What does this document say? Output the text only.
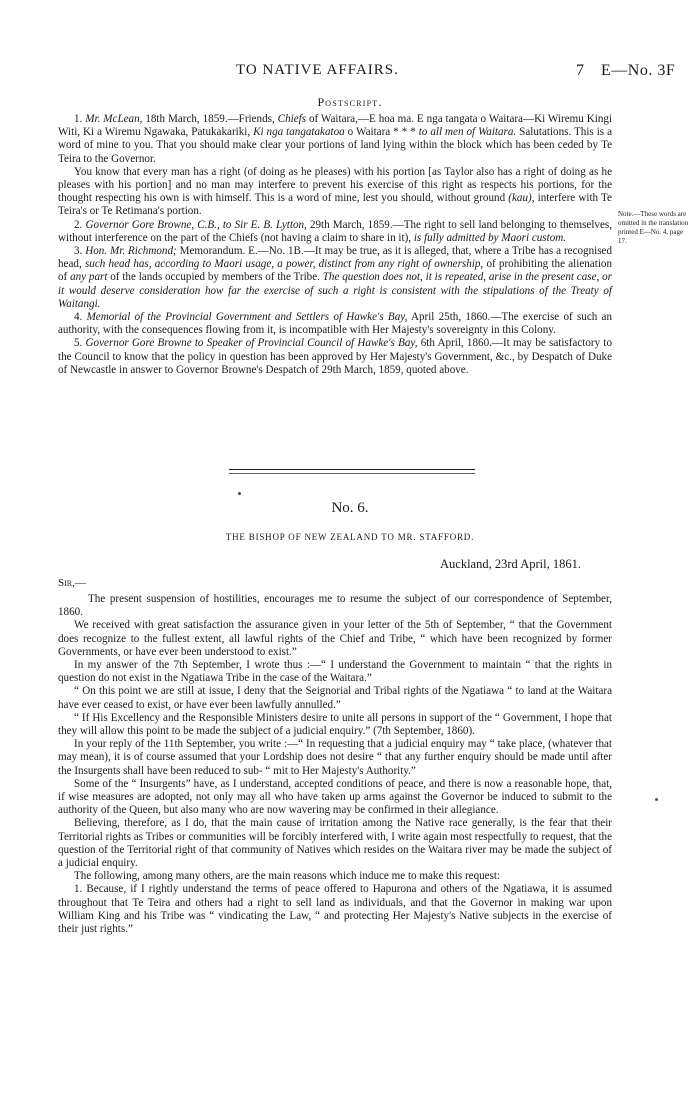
TO NATIVE AFFAIRS.	7 E—No. 3F
Postscript.

1. Mr. McLean, 18th March, 1859.—Friends, Chiefs of Waitara,—E hoa ma. E nga tangata o Waitara—Ki Wiremu Kingi Witi, Ki a Wiremu Ngawaka, Patukakariki, Ki nga tangatakatoa o Waitara * * * to all men of Waitara. Salutations. This is a word of mine to you. That you should make clear your portions of land lying within the block which has been ceded by Te Teira to the Governor.

You know that every man has a right (of doing as he pleases) with his portion [as Taylor also has a right of doing as he pleases with his portion] and no man may interfere to prevent his exercise of this right as respects his portions, for the thought respecting his own is with himself. This is a word of mine, lest you should, without ground (kau), interfere with Te Teira's or Te Retimana's portion.

2. Governor Gore Browne, C.B., to Sir E. B. Lytton, 29th March, 1859.—The right to sell land belonging to themselves, without interference on the part of the Chiefs (not having a claim to share in it), is fully admitted by Maori custom.

3. Hon. Mr. Richmond; Memorandum. E.—No. 1B.—It may be true, as it is alleged, that, where a Tribe has a recognised head, such head has, according to Maori usage, a power, distinct from any right of ownership, of prohibiting the alienation of any part of the lands occupied by members of the Tribe. The question does not, it is repeated, arise in the present case, or it would deserve consideration how far the exercise of such a right is consistent with the stipulations of the Treaty of Waitangi.

4. Memorial of the Provincial Government and Settlers of Hawke's Bay, April 25th, 1860.—The exercise of such an authority, with the consequences flowing from it, is incompatible with Her Majesty's sovereignty in this Colony.

5. Governor Gore Browne to Speaker of Provincial Council of Hawke's Bay, 6th April, 1860.—It may be satisfactory to the Council to know that the policy in question has been approved by Her Majesty's Government, &c., by Despatch of Duke of Newcastle in answer to Governor Browne's Despatch of 29th March, 1859, quoted above.

Note.—These words are omitted in the translation printed E—No. 4, page 17.
No. 6.
THE BISHOP OF NEW ZEALAND TO MR. STAFFORD.
Auckland, 23rd April, 1861.
Sir,—

The present suspension of hostilities, encourages me to resume the subject of our correspondence of September, 1860.

We received with great satisfaction the assurance given in your letter of the 5th of September, “ that the Government does recognize to the fullest extent, all lawful rights of the Chief and Tribe, “ which have been recognized by former Governments, or have ever been understood to exist.”

In my answer of the 7th September, I wrote thus :—“ I understand the Government to maintain “ that the rights in question do not exist in the Ngatiawa Tribe in the case of the Waitara.”

“ On this point we are still at issue, I deny that the Seignorial and Tribal rights of the Ngatiawa “ to land at the Waitara have ever ceased to exist, or have ever been lawfully annulled.”

“ If His Excellency and the Responsible Ministers desire to unite all persons in support of the “ Government, I hope that they will allow this point to be made the subject of a judicial enquiry.” (7th September, 1860).

In your reply of the 11th September, you write :—“ In requesting that a judicial enquiry may “ take place, (whatever that may mean), it is of course assumed that your Lordship does not desire “ that any further enquiry should be made until after the Insurgents shall have been reduced to sub- “ mit to Her Majesty's Authority.”

Some of the “ Insurgents” have, as I understand, accepted conditions of peace, and there is now a reasonable hope, that, if wise measures are adopted, not only may all who have taken up arms against the Governor be induced to submit to the authority of the Queen, but also many who are now wavering may be confirmed in their allegiance.

Believing, therefore, as I do, that the main cause of irritation among the Native race generally, is the fear that their Territorial rights as Tribes or communities will be forcibly interfered with, I write again most respectfully to request, that the question of the Territorial right of that community of Natives which resides on the Waitara river may be made the subject of a judicial enquiry.

The following, among many others, are the main reasons which induce me to make this request:

1. Because, if I rightly understand the terms of peace offered to Hapurona and others of the Ngatiawa, it is assumed throughout that Te Teira and others had a right to sell land as individuals, and that the Governor in making war upon William King and his Tribe was “ vindicating the Law, “ and protecting Her Majesty's Native subjects in the exercise of their just rights.”
